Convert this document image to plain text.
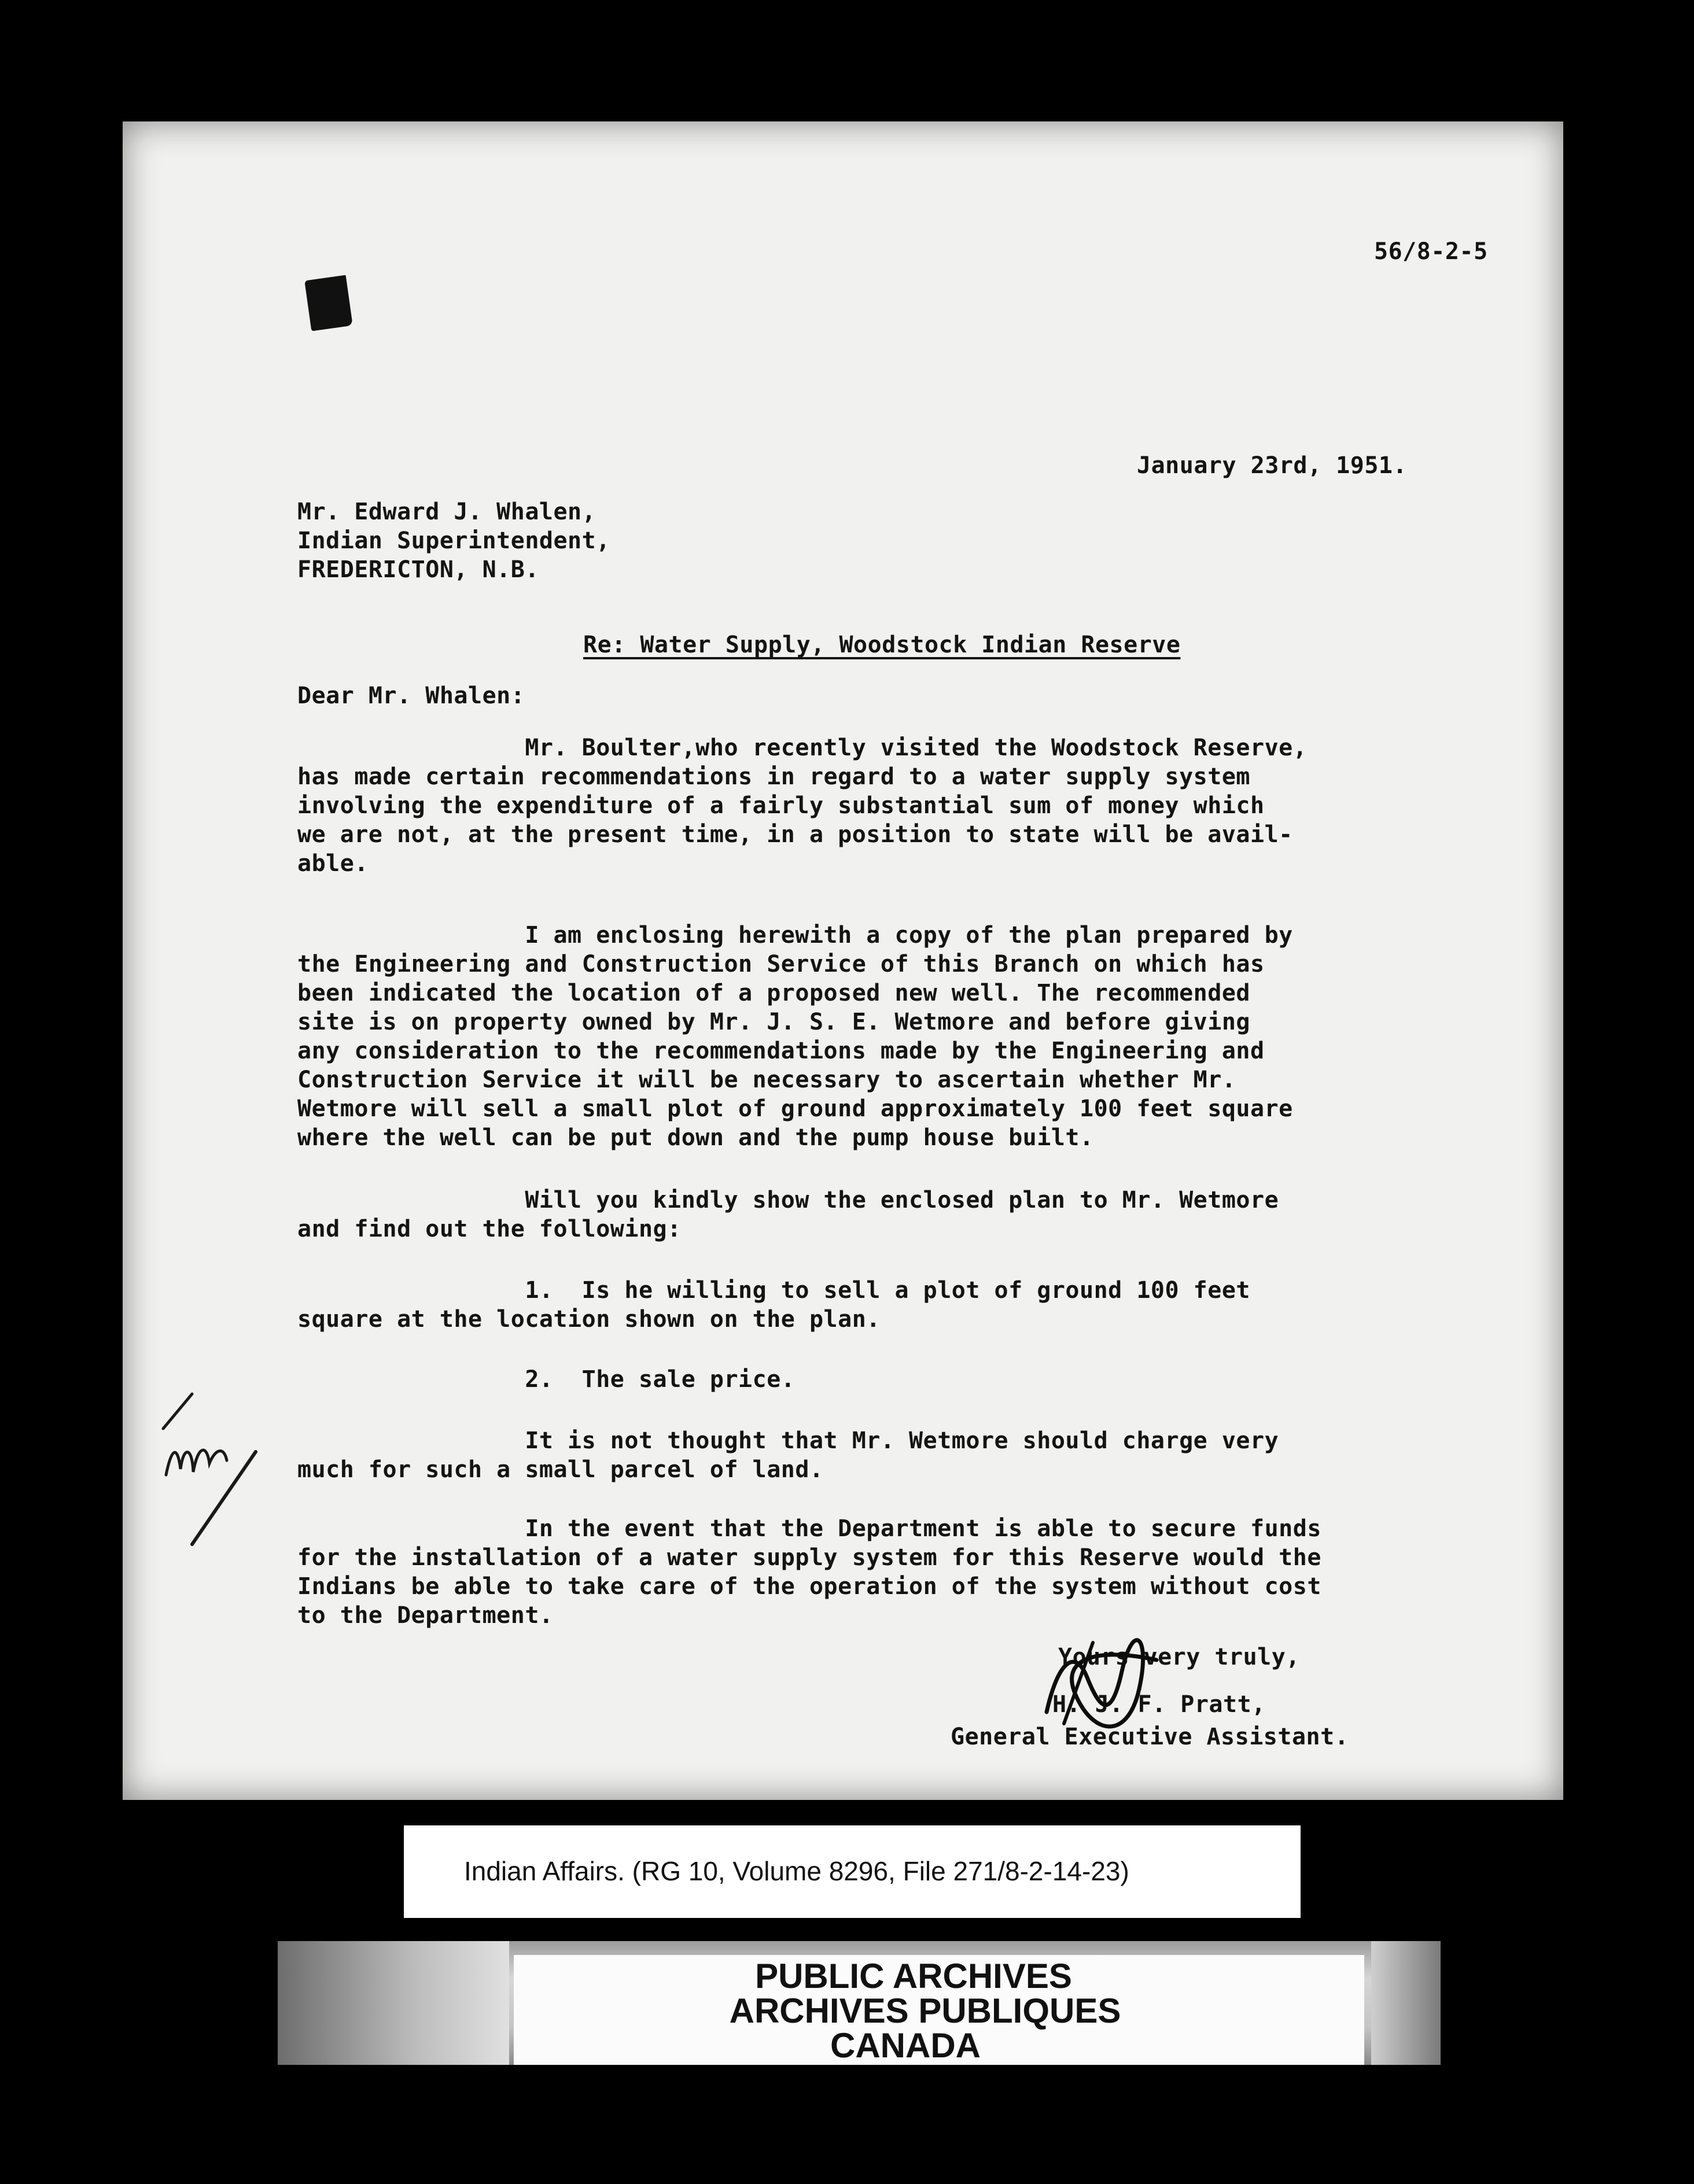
56/8-2-5
January 23rd, 1951.
Mr. Edward J. Whalen,
Indian Superintendent,
FREDERICTON, N.B.
Re: Water Supply, Woodstock Indian Reserve
Dear Mr. Whalen:
Mr. Boulter,who recently visited the Woodstock Reserve,
has made certain recommendations in regard to a water supply system
involving the expenditure of a fairly substantial sum of money which
we are not, at the present time, in a position to state will be avail-
able.
I am enclosing herewith a copy of the plan prepared by
the Engineering and Construction Service of this Branch on which has
been indicated the location of a proposed new well. The recommended
site is on property owned by Mr. J. S. E. Wetmore and before giving
any consideration to the recommendations made by the Engineering and
Construction Service it will be necessary to ascertain whether Mr.
Wetmore will sell a small plot of ground approximately 100 feet square
where the well can be put down and the pump house built.
Will you kindly show the enclosed plan to Mr. Wetmore
and find out the following:
1.  Is he willing to sell a plot of ground 100 feet
square at the location shown on the plan.
2.  The sale price.
It is not thought that Mr. Wetmore should charge very
much for such a small parcel of land.
In the event that the Department is able to secure funds
for the installation of a water supply system for this Reserve would the
Indians be able to take care of the operation of the system without cost
to the Department.
Yours very truly,
H. J. F. Pratt,
General Executive Assistant.
Indian Affairs. (RG 10, Volume 8296, File 271/8-2-14-23)
PUBLIC ARCHIVES
ARCHIVES PUBLIQUES
CANADA
